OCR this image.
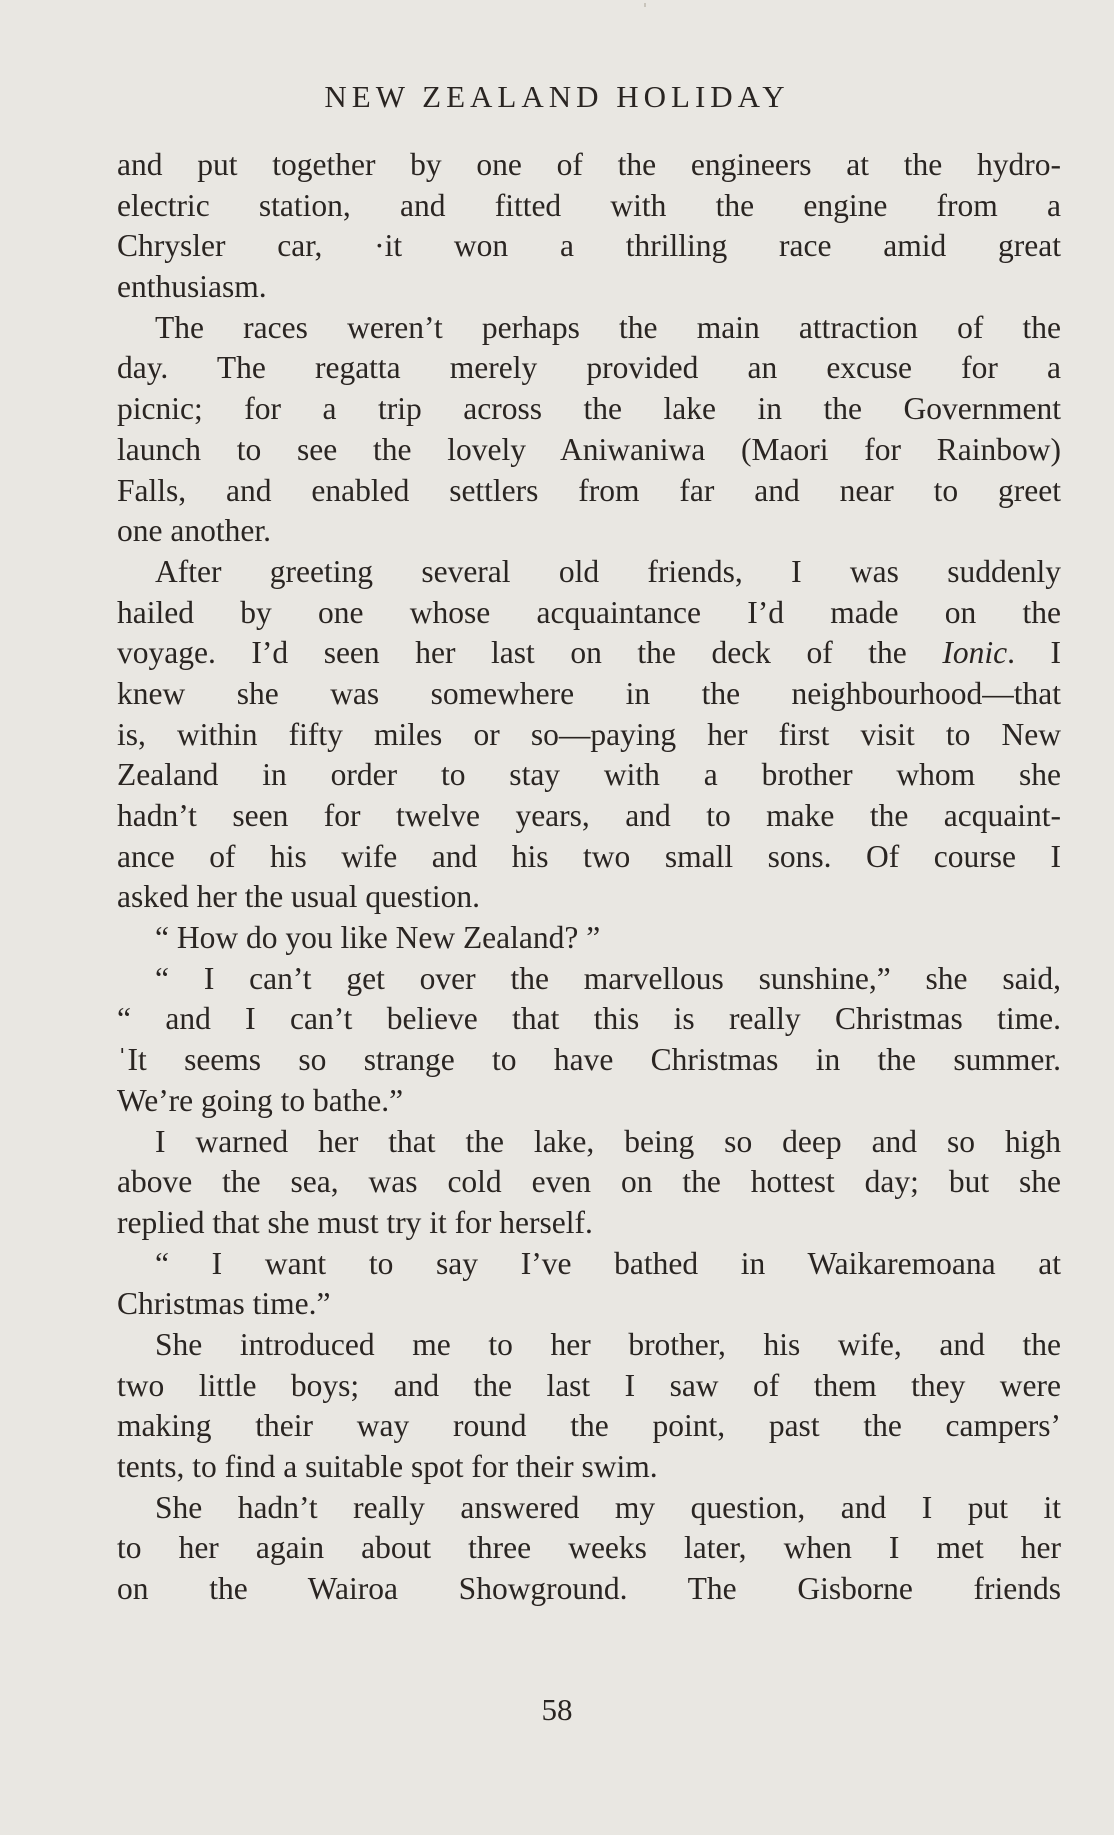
NEW ZEALAND HOLIDAY
and put together by one of the engineers at the hydro-
electric station, and fitted with the engine from a
Chrysler car, ·it won a thrilling race amid great
enthusiasm.
The races weren’t perhaps the main attraction of the
day. The regatta merely provided an excuse for a
picnic; for a trip across the lake in the Government
launch to see the lovely Aniwaniwa (Maori for Rainbow)
Falls, and enabled settlers from far and near to greet
one another.
After greeting several old friends, I was suddenly
hailed by one whose acquaintance I’d made on the
voyage. I’d seen her last on the deck of the Ionic. I
knew she was somewhere in the neighbourhood—that
is, within fifty miles or so—paying her first visit to New
Zealand in order to stay with a brother whom she
hadn’t seen for twelve years, and to make the acquaint-
ance of his wife and his two small sons. Of course I
asked her the usual question.
“ How do you like New Zealand? ”
“ I can’t get over the marvellous sunshine,” she said,
“ and I can’t believe that this is really Christmas time.
ˈIt seems so strange to have Christmas in the summer.
We’re going to bathe.”
I warned her that the lake, being so deep and so high
above the sea, was cold even on the hottest day; but she
replied that she must try it for herself.
“ I want to say I’ve bathed in Waikaremoana at
Christmas time.”
She introduced me to her brother, his wife, and the
two little boys; and the last I saw of them they were
making their way round the point, past the campers’
tents, to find a suitable spot for their swim.
She hadn’t really answered my question, and I put it
to her again about three weeks later, when I met her
on the Wairoa Showground. The Gisborne friends
58
